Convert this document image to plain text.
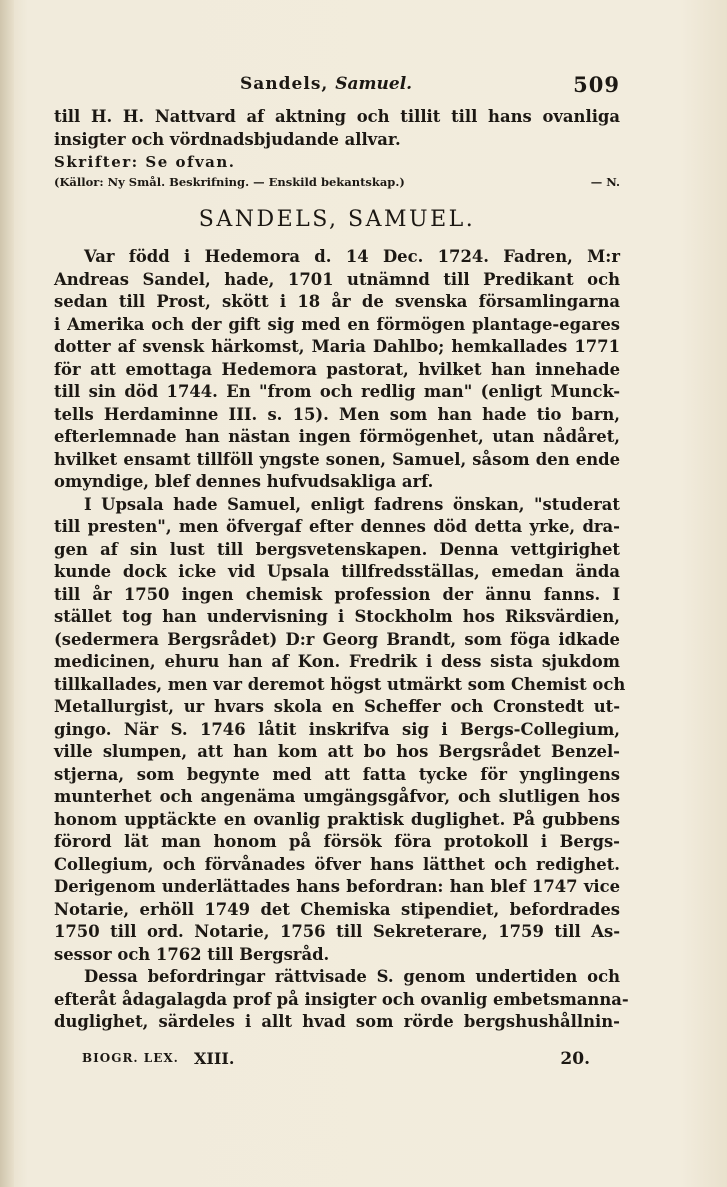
Sandels, Samuel.	509
till H. H. Nattvard af aktning och tillit till hans ovanliga
insigter och vördnadsbjudande allvar.
Skrifter: Se ofvan.
(Källor: Ny Smål. Beskrifning. — Enskild bekantskap.)	— N.
SANDELS, SAMUEL.
Var född i Hedemora d. 14 Dec. 1724. Fadren, M:r
Andreas Sandel, hade, 1701 utnämnd till Predikant och
sedan till Prost, skött i 18 år de svenska församlingarna
i Amerika och der gift sig med en förmögen plantage-egares
dotter af svensk härkomst, Maria Dahlbo; hemkallades 1771
för att emottaga Hedemora pastorat, hvilket han innehade
till sin död 1744. En "from och redlig man" (enligt Munck-
tells Herdaminne III. s. 15). Men som han hade tio barn,
efterlemnade han nästan ingen förmögenhet, utan nådåret,
hvilket ensamt tillföll yngste sonen, Samuel, såsom den ende
omyndige, blef dennes hufvudsakliga arf.
I Upsala hade Samuel, enligt fadrens önskan, "studerat
till presten", men öfvergaf efter dennes död detta yrke, dra-
gen af sin lust till bergsvetenskapen. Denna vettgirighet
kunde dock icke vid Upsala tillfredsställas, emedan ända
till år 1750 ingen chemisk profession der ännu fanns. I
stället tog han undervisning i Stockholm hos Riksvärdien,
(sedermera Bergsrådet) D:r Georg Brandt, som föga idkade
medicinen, ehuru han af Kon. Fredrik i dess sista sjukdom
tillkallades, men var deremot högst utmärkt som Chemist och
Metallurgist, ur hvars skola en Scheffer och Cronstedt ut-
gingo. När S. 1746 låtit inskrifva sig i Bergs-Collegium,
ville slumpen, att han kom att bo hos Bergsrådet Benzel-
stjerna, som begynte med att fatta tycke för ynglingens
munterhet och angenäma umgängsgåfvor, och slutligen hos
honom upptäckte en ovanlig praktisk duglighet. På gubbens
förord lät man honom på försök föra protokoll i Bergs-
Collegium, och förvånades öfver hans lätthet och redighet.
Derigenom underlättades hans befordran: han blef 1747 vice
Notarie, erhöll 1749 det Chemiska stipendiet, befordrades
1750 till ord. Notarie, 1756 till Sekreterare, 1759 till As-
sessor och 1762 till Bergsråd.
Dessa befordringar rättvisade S. genom undertiden och
efteråt ådagalagda prof på insigter och ovanlig embetsmanna-
duglighet, särdeles i allt hvad som rörde bergshushållnin-
BIOGR. LEX. XIII.	20.
